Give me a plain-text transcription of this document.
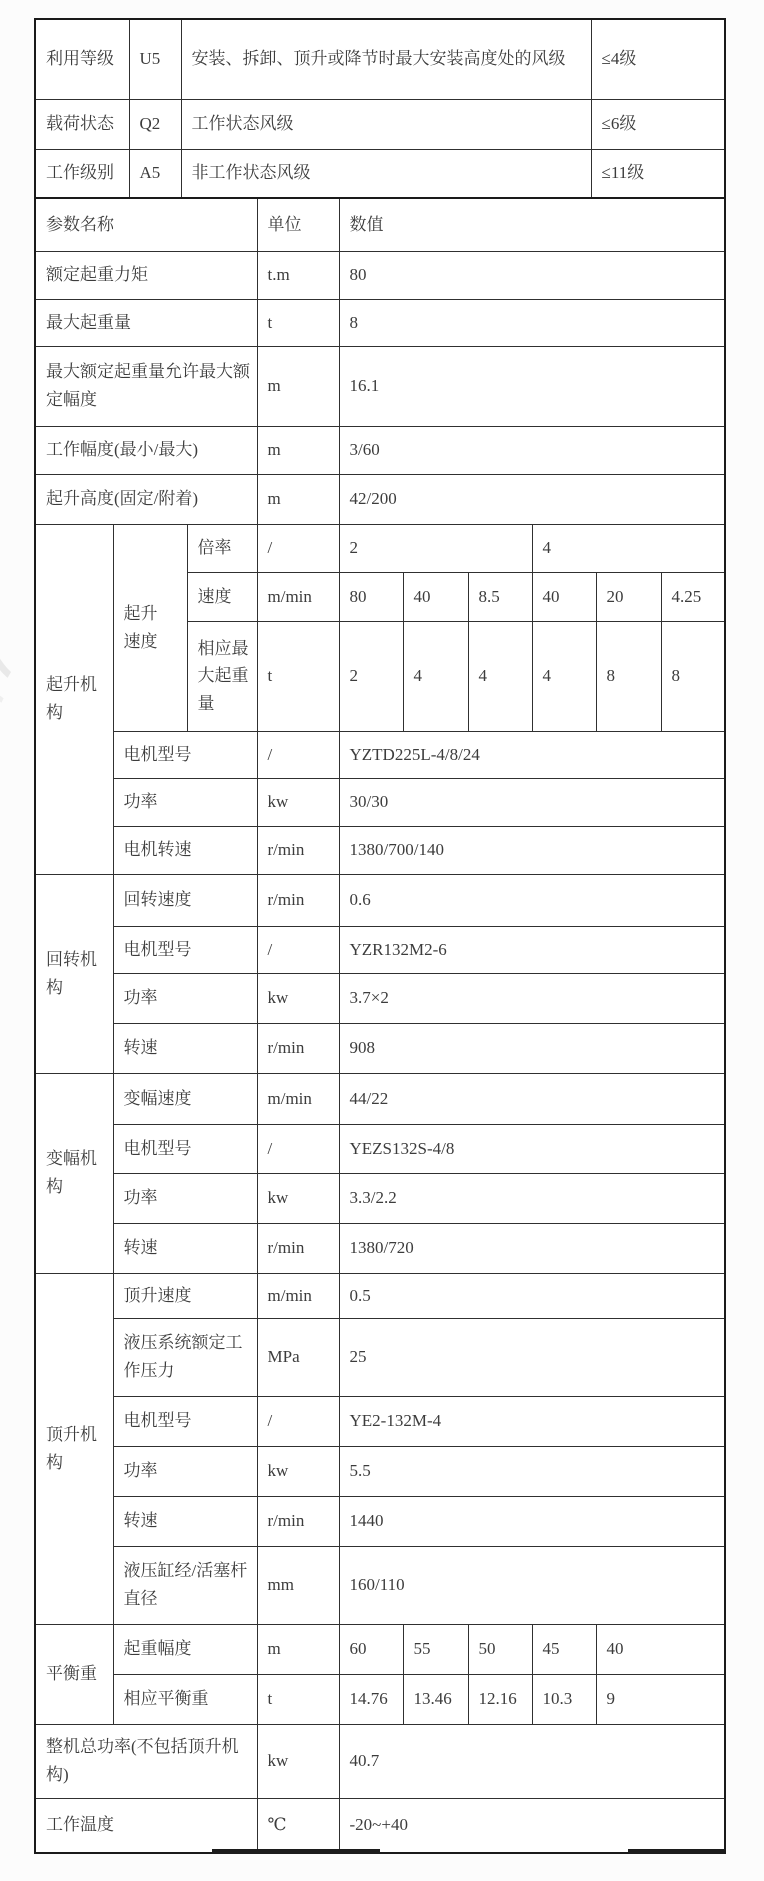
利用等级	U5	安装、拆卸、顶升或降节时最大安装高度处的风级	≤4级
载荷状态	Q2	工作状态风级	≤6级
工作级别	A5	非工作状态风级	≤11级
参数名称			单位	数值					
额定起重力矩			t.m	80					
最大起重量			t	8					
最大额定起重量允许最大额定幅度			m	16.1					
工作幅度(最小/最大)			m	3/60					
起升高度(固定/附着)			m	42/200					
起升机构	起升速度	倍率	/	2			4		
		速度	m/min	80	40	8.5	40	20	4.25
		相应最大起重量	t	2	4	4	4	8	8
	电机型号		/	YZTD225L-4/8/24					
	功率		kw	30/30					
	电机转速		r/min	1380/700/140					
回转机构	回转速度		r/min	0.6					
	电机型号		/	YZR132M2-6					
	功率		kw	3.7×2					
	转速		r/min	908					
变幅机构	变幅速度		m/min	44/22					
	电机型号		/	YEZS132S-4/8					
	功率		kw	3.3/2.2					
	转速		r/min	1380/720					
顶升机构	顶升速度		m/min	0.5					
	液压系统额定工作压力		MPa	25					
	电机型号		/	YE2-132M-4					
	功率		kw	5.5					
	转速		r/min	1440					
	液压缸经/活塞杆直径		mm	160/110					
平衡重	起重幅度		m	60	55	50	45	40	
	相应平衡重		t	14.76	13.46	12.16	10.3	9	
整机总功率(不包括顶升机构)			kw	40.7					
工作温度			℃	-20~+40					
